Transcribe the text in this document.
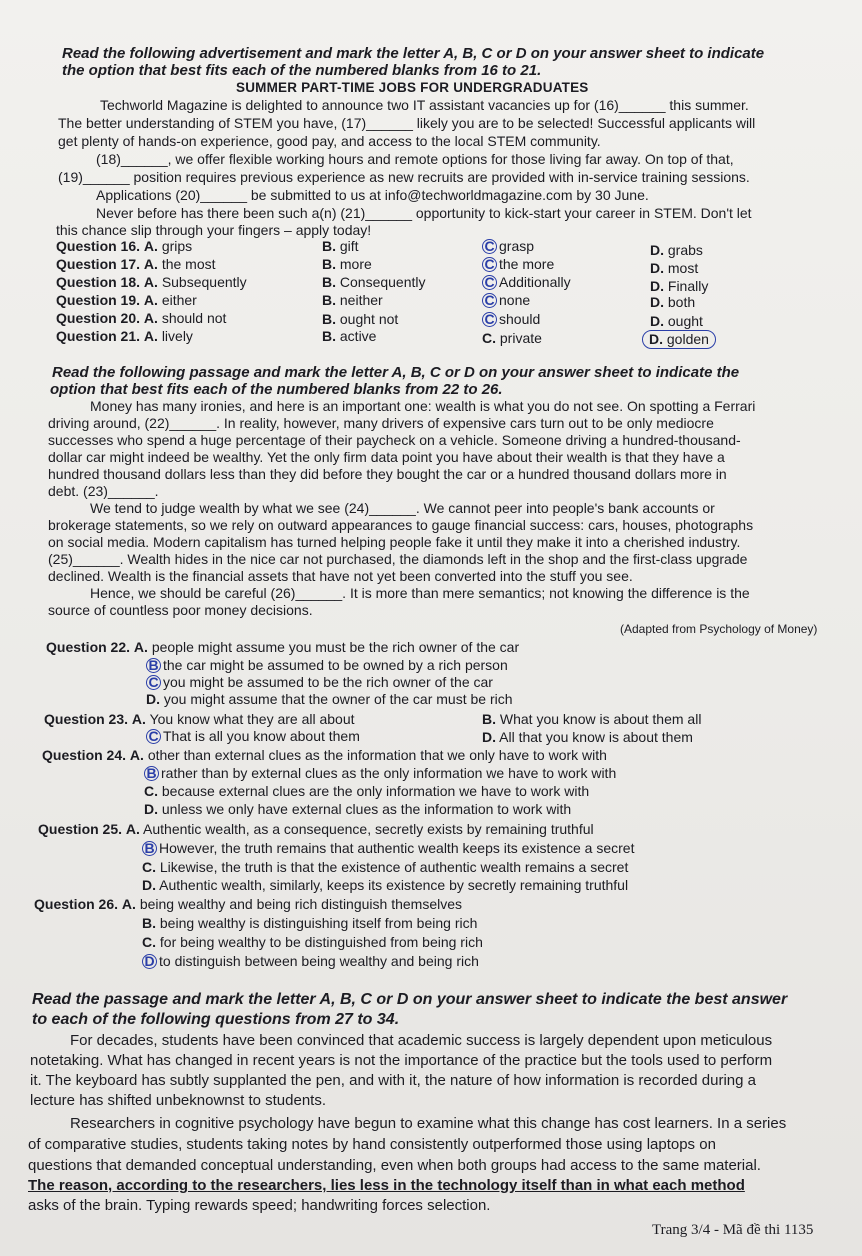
Read the following advertisement and mark the letter A, B, C or D on your answer sheet to indicate
the option that best fits each of the numbered blanks from 16 to 21.
SUMMER PART-TIME JOBS FOR UNDERGRADUATES
Techworld Magazine is delighted to announce two IT assistant vacancies up for (16)______ this summer.
The better understanding of STEM you have, (17)______ likely you are to be selected! Successful applicants will
get plenty of hands-on experience, good pay, and access to the local STEM community.
(18)______, we offer flexible working hours and remote options for those living far away. On top of that,
(19)______ position requires previous experience as new recruits are provided with in-service training sessions.
Applications (20)______ be submitted to us at info@techworldmagazine.com by 30 June.
Never before has there been such a(n) (21)______ opportunity to kick-start your career in STEM. Don't let
this chance slip through your fingers – apply today!
Question 16. A. grips	B. gift	C grasp	D. grabs
Question 17. A. the most	B. more	C the more	D. most
Question 18. A. Subsequently	B. Consequently	C Additionally	D. Finally
Question 19. A. either	B. neither	C none	D. both
Question 20. A. should not	B. ought not	C should	D. ought
Question 21. A. lively	B. active	C. private	D. golden
Read the following passage and mark the letter A, B, C or D on your answer sheet to indicate the
option that best fits each of the numbered blanks from 22 to 26.
Money has many ironies, and here is an important one: wealth is what you do not see. On spotting a Ferrari
driving around, (22)______. In reality, however, many drivers of expensive cars turn out to be only mediocre
successes who spend a huge percentage of their paycheck on a vehicle. Someone driving a hundred-thousand-
dollar car might indeed be wealthy. Yet the only firm data point you have about their wealth is that they have a
hundred thousand dollars less than they did before they bought the car or a hundred thousand dollars more in
debt. (23)______.
We tend to judge wealth by what we see (24)______. We cannot peer into people's bank accounts or
brokerage statements, so we rely on outward appearances to gauge financial success: cars, houses, photographs
on social media. Modern capitalism has turned helping people fake it until they make it into a cherished industry.
(25)______. Wealth hides in the nice car not purchased, the diamonds left in the shop and the first-class upgrade
declined. Wealth is the financial assets that have not yet been converted into the stuff you see.
Hence, we should be careful (26)______. It is more than mere semantics; not knowing the difference is the
source of countless poor money decisions.
(Adapted from Psychology of Money)
Question 22. A. people might assume you must be the rich owner of the car
B the car might be assumed to be owned by a rich person
C you might be assumed to be the rich owner of the car
D. you might assume that the owner of the car must be rich
Question 23. A. You know what they are all about	B. What you know is about them all
C That is all you know about them	D. All that you know is about them
Question 24. A. other than external clues as the information that we only have to work with
B rather than by external clues as the only information we have to work with
C. because external clues are the only information we have to work with
D. unless we only have external clues as the information to work with
Question 25. A. Authentic wealth, as a consequence, secretly exists by remaining truthful
B However, the truth remains that authentic wealth keeps its existence a secret
C. Likewise, the truth is that the existence of authentic wealth remains a secret
D. Authentic wealth, similarly, keeps its existence by secretly remaining truthful
Question 26. A. being wealthy and being rich distinguish themselves
B. being wealthy is distinguishing itself from being rich
C. for being wealthy to be distinguished from being rich
D to distinguish between being wealthy and being rich
Read the passage and mark the letter A, B, C or D on your answer sheet to indicate the best answer
to each of the following questions from 27 to 34.
For decades, students have been convinced that academic success is largely dependent upon meticulous
notetaking. What has changed in recent years is not the importance of the practice but the tools used to perform
it. The keyboard has subtly supplanted the pen, and with it, the nature of how information is recorded during a
lecture has shifted unbeknownst to students.
Researchers in cognitive psychology have begun to examine what this change has cost learners. In a series
of comparative studies, students taking notes by hand consistently outperformed those using laptops on
questions that demanded conceptual understanding, even when both groups had access to the same material.
The reason, according to the researchers, lies less in the technology itself than in what each method
asks of the brain. Typing rewards speed; handwriting forces selection.
Trang 3/4 - Mã đề thi 1135
